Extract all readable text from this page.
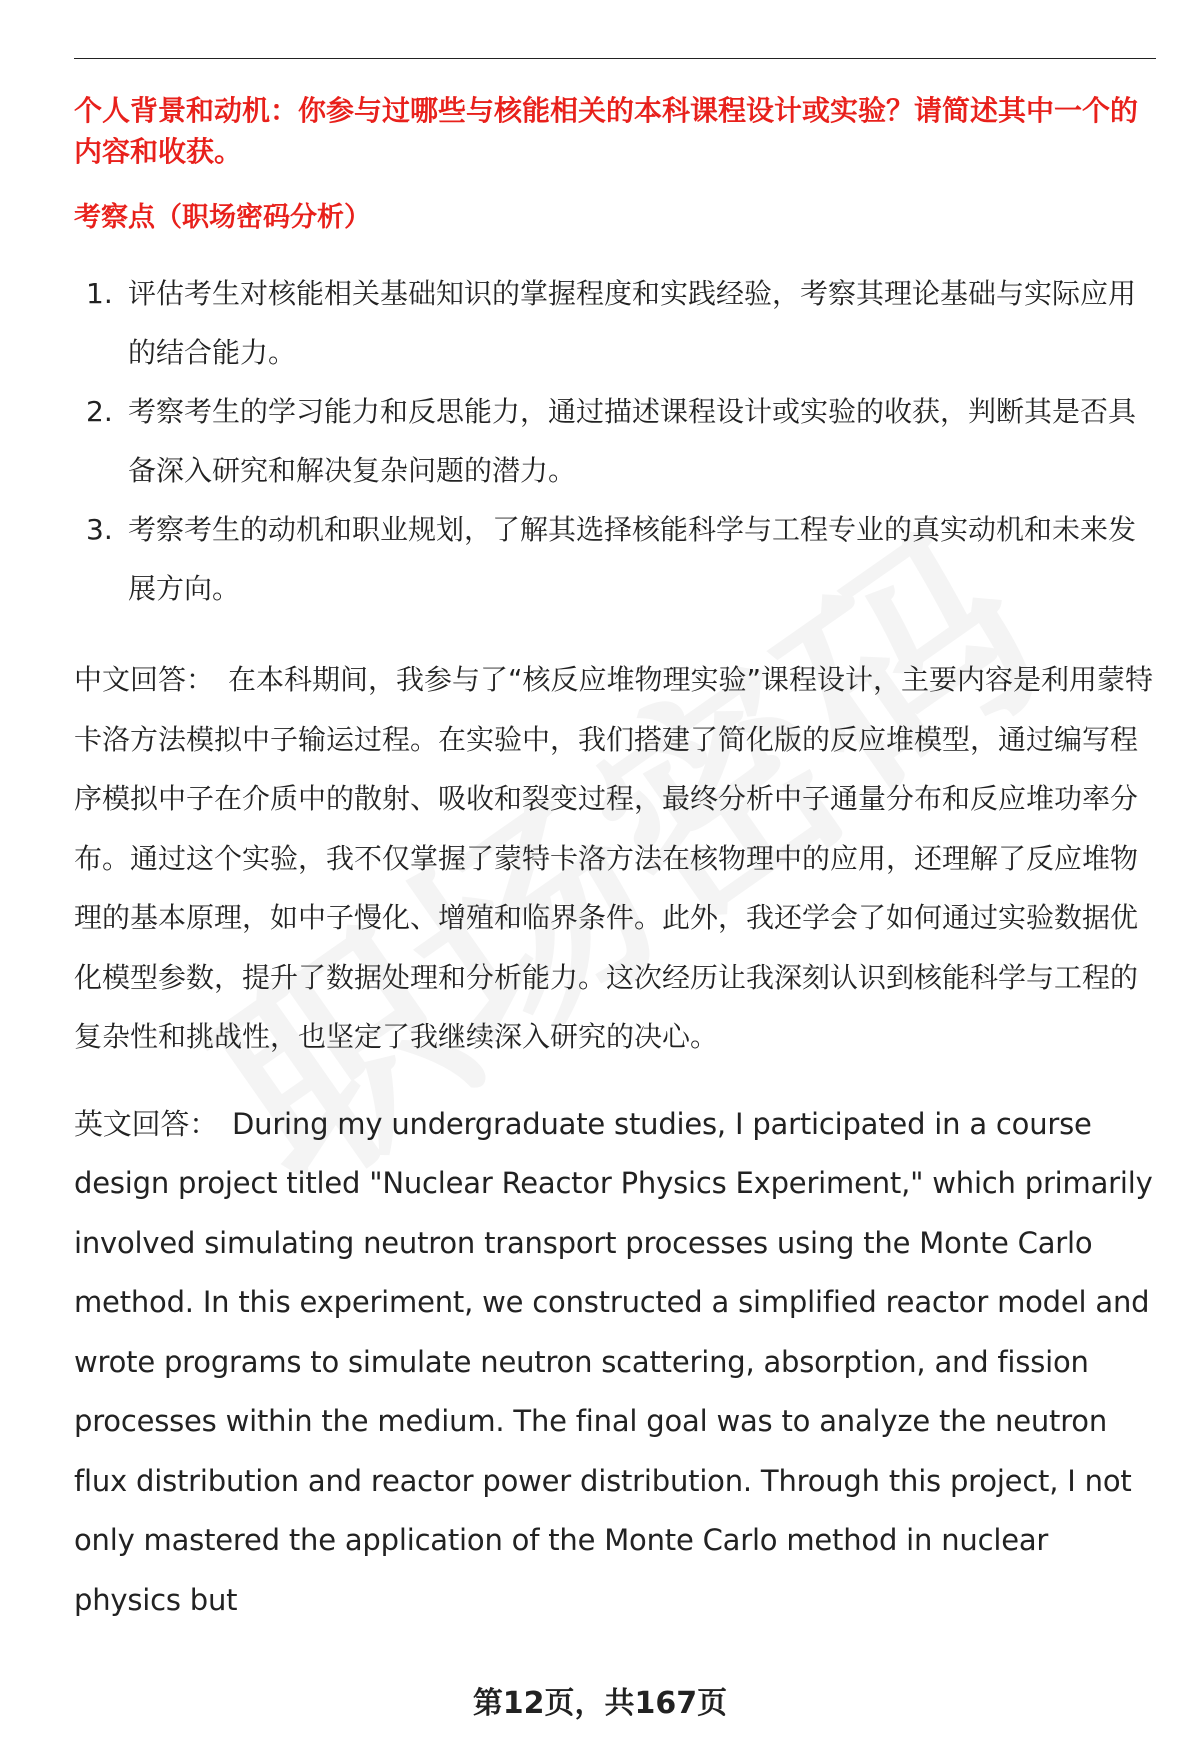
个人背景和动机：你参与过哪些与核能相关的本科课程设计或实验？请简述其中一个的内容和收获。

考察点（职场密码分析）

1. 评估考生对核能相关基础知识的掌握程度和实践经验，考察其理论基础与实际应用的结合能力。
2. 考察考生的学习能力和反思能力，通过描述课程设计或实验的收获，判断其是否具备深入研究和解决复杂问题的潜力。
3. 考察考生的动机和职业规划，了解其选择核能科学与工程专业的真实动机和未来发展方向。

中文回答： 在本科期间，我参与了“核反应堆物理实验”课程设计，主要内容是利用蒙特卡洛方法模拟中子输运过程。在实验中，我们搭建了简化版的反应堆模型，通过编写程序模拟中子在介质中的散射、吸收和裂变过程，最终分析中子通量分布和反应堆功率分布。通过这个实验，我不仅掌握了蒙特卡洛方法在核物理中的应用，还理解了反应堆物理的基本原理，如中子慢化、增殖和临界条件。此外，我还学会了如何通过实验数据优化模型参数，提升了数据处理和分析能力。这次经历让我深刻认识到核能科学与工程的复杂性和挑战性，也坚定了我继续深入研究的决心。

英文回答： During my undergraduate studies, I participated in a course design project titled "Nuclear Reactor Physics Experiment," which primarily involved simulating neutron transport processes using the Monte Carlo method. In this experiment, we constructed a simplified reactor model and wrote programs to simulate neutron scattering, absorption, and fission processes within the medium. The final goal was to analyze the neutron flux distribution and reactor power distribution. Through this project, I not only mastered the application of the Monte Carlo method in nuclear physics but

第12页，共167页
